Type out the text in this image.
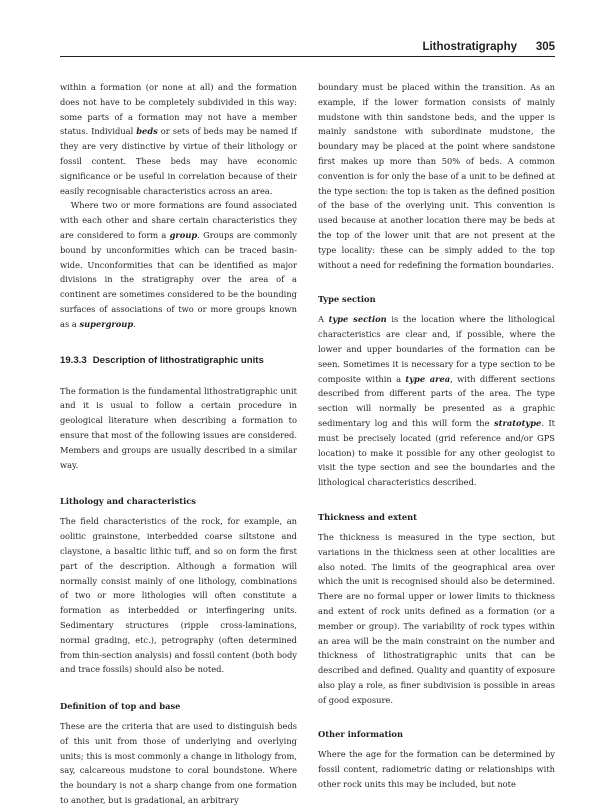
Lithostratigraphy 305

within a formation (or none at all) and the formation does not have to be completely subdivided in this way: some parts of a formation may not have a member status. Individual beds or sets of beds may be named if they are very distinctive by virtue of their lithology or fossil content. These beds may have economic significance or be useful in correlation because of their easily recognisable characteristics across an area.

Where two or more formations are found associated with each other and share certain characteristics they are considered to form a group. Groups are commonly bound by unconformities which can be traced basin-wide. Unconformities that can be identified as major divisions in the stratigraphy over the area of a continent are sometimes considered to be the bounding surfaces of associations of two or more groups known as a supergroup.

19.3.3 Description of lithostratigraphic units

The formation is the fundamental lithostratigraphic unit and it is usual to follow a certain procedure in geological literature when describing a formation to ensure that most of the following issues are considered. Members and groups are usually described in a similar way.

Lithology and characteristics

The field characteristics of the rock, for example, an oolitic grainstone, interbedded coarse siltstone and claystone, a basaltic lithic tuff, and so on form the first part of the description. Although a formation will normally consist mainly of one lithology, combinations of two or more lithologies will often constitute a formation as interbedded or interfingering units. Sedimentary structures (ripple cross-laminations, normal grading, etc.), petrography (often determined from thin-section analysis) and fossil content (both body and trace fossils) should also be noted.

Definition of top and base

These are the criteria that are used to distinguish beds of this unit from those of underlying and overlying units; this is most commonly a change in lithology from, say, calcareous mudstone to coral boundstone. Where the boundary is not a sharp change from one formation to another, but is gradational, an arbitrary

boundary must be placed within the transition. As an example, if the lower formation consists of mainly mudstone with thin sandstone beds, and the upper is mainly sandstone with subordinate mudstone, the boundary may be placed at the point where sandstone first makes up more than 50% of beds. A common convention is for only the base of a unit to be defined at the type section: the top is taken as the defined position of the base of the overlying unit. This convention is used because at another location there may be beds at the top of the lower unit that are not present at the type locality: these can be simply added to the top without a need for redefining the formation boundaries.

Type section

A type section is the location where the lithological characteristics are clear and, if possible, where the lower and upper boundaries of the formation can be seen. Sometimes it is necessary for a type section to be composite within a type area, with different sections described from different parts of the area. The type section will normally be presented as a graphic sedimentary log and this will form the stratotype. It must be precisely located (grid reference and/or GPS location) to make it possible for any other geologist to visit the type section and see the boundaries and the lithological characteristics described.

Thickness and extent

The thickness is measured in the type section, but variations in the thickness seen at other localities are also noted. The limits of the geographical area over which the unit is recognised should also be determined. There are no formal upper or lower limits to thickness and extent of rock units defined as a formation (or a member or group). The variability of rock types within an area will be the main constraint on the number and thickness of lithostratigraphic units that can be described and defined. Quality and quantity of exposure also play a role, as finer subdivision is possible in areas of good exposure.

Other information

Where the age for the formation can be determined by fossil content, radiometric dating or relationships with other rock units this may be included, but note
